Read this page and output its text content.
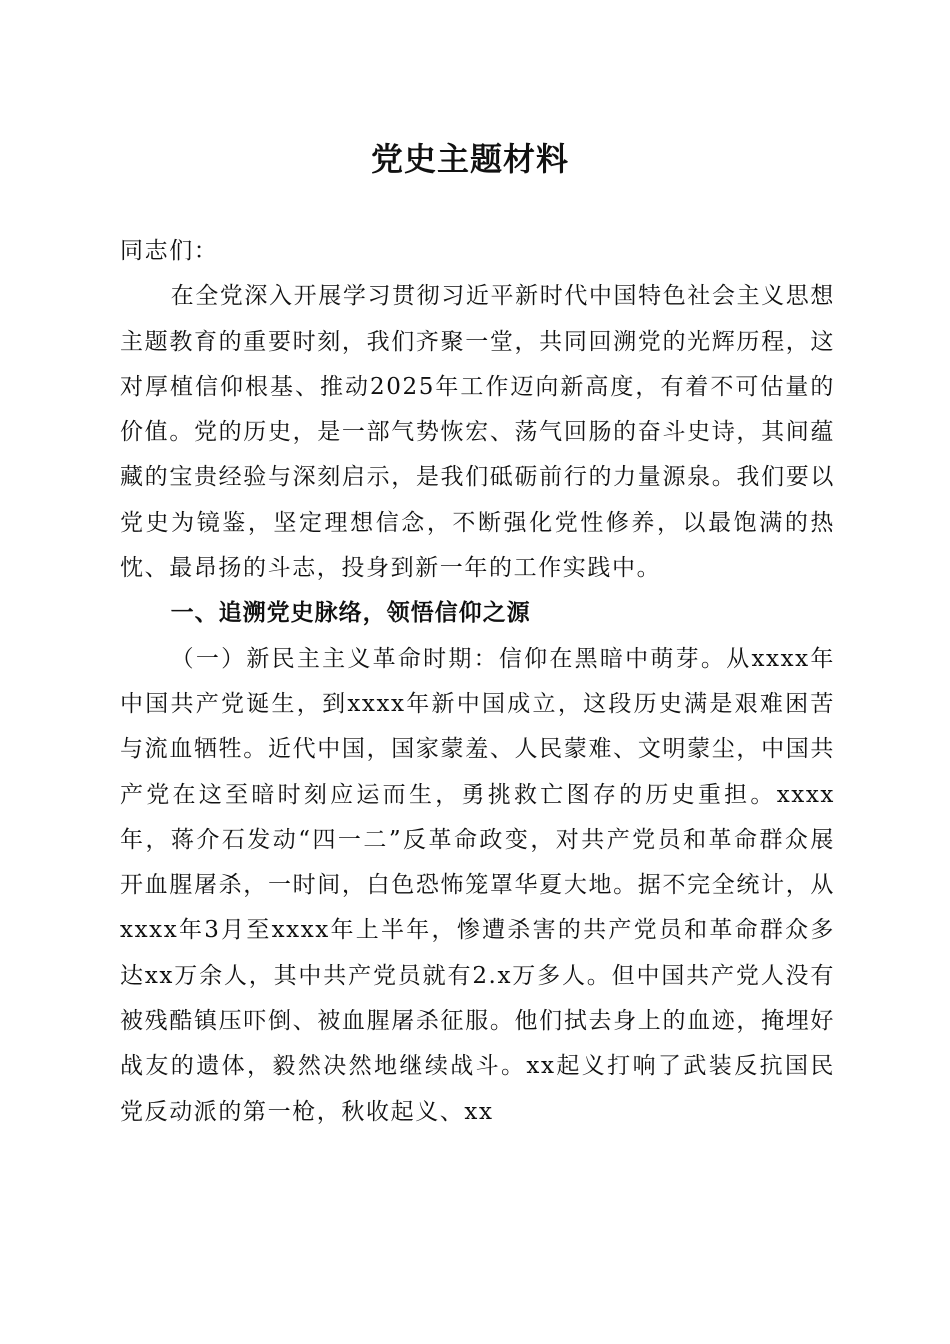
党史主题材料

同志们：

在全党深入开展学习贯彻习近平新时代中国特色社会主义思想主题教育的重要时刻，我们齐聚一堂，共同回溯党的光辉历程，这对厚植信仰根基、推动2025年工作迈向新高度，有着不可估量的价值。党的历史，是一部气势恢宏、荡气回肠的奋斗史诗，其间蕴藏的宝贵经验与深刻启示，是我们砥砺前行的力量源泉。我们要以党史为镜鉴，坚定理想信念，不断强化党性修养，以最饱满的热忱、最昂扬的斗志，投身到新一年的工作实践中。

一、追溯党史脉络，领悟信仰之源

（一）新民主主义革命时期：信仰在黑暗中萌芽。从xxxx年中国共产党诞生，到xxxx年新中国成立，这段历史满是艰难困苦与流血牺牲。近代中国，国家蒙羞、人民蒙难、文明蒙尘，中国共产党在这至暗时刻应运而生，勇挑救亡图存的历史重担。xxxx年，蒋介石发动“四一二”反革命政变，对共产党员和革命群众展开血腥屠杀，一时间，白色恐怖笼罩华夏大地。据不完全统计，从xxxx年3月至xxxx年上半年，惨遭杀害的共产党员和革命群众多达xx万余人，其中共产党员就有2.x万多人。但中国共产党人没有被残酷镇压吓倒、被血腥屠杀征服。他们拭去身上的血迹，掩埋好战友的遗体，毅然决然地继续战斗。xx起义打响了武装反抗国民党反动派的第一枪，秋收起义、xx
